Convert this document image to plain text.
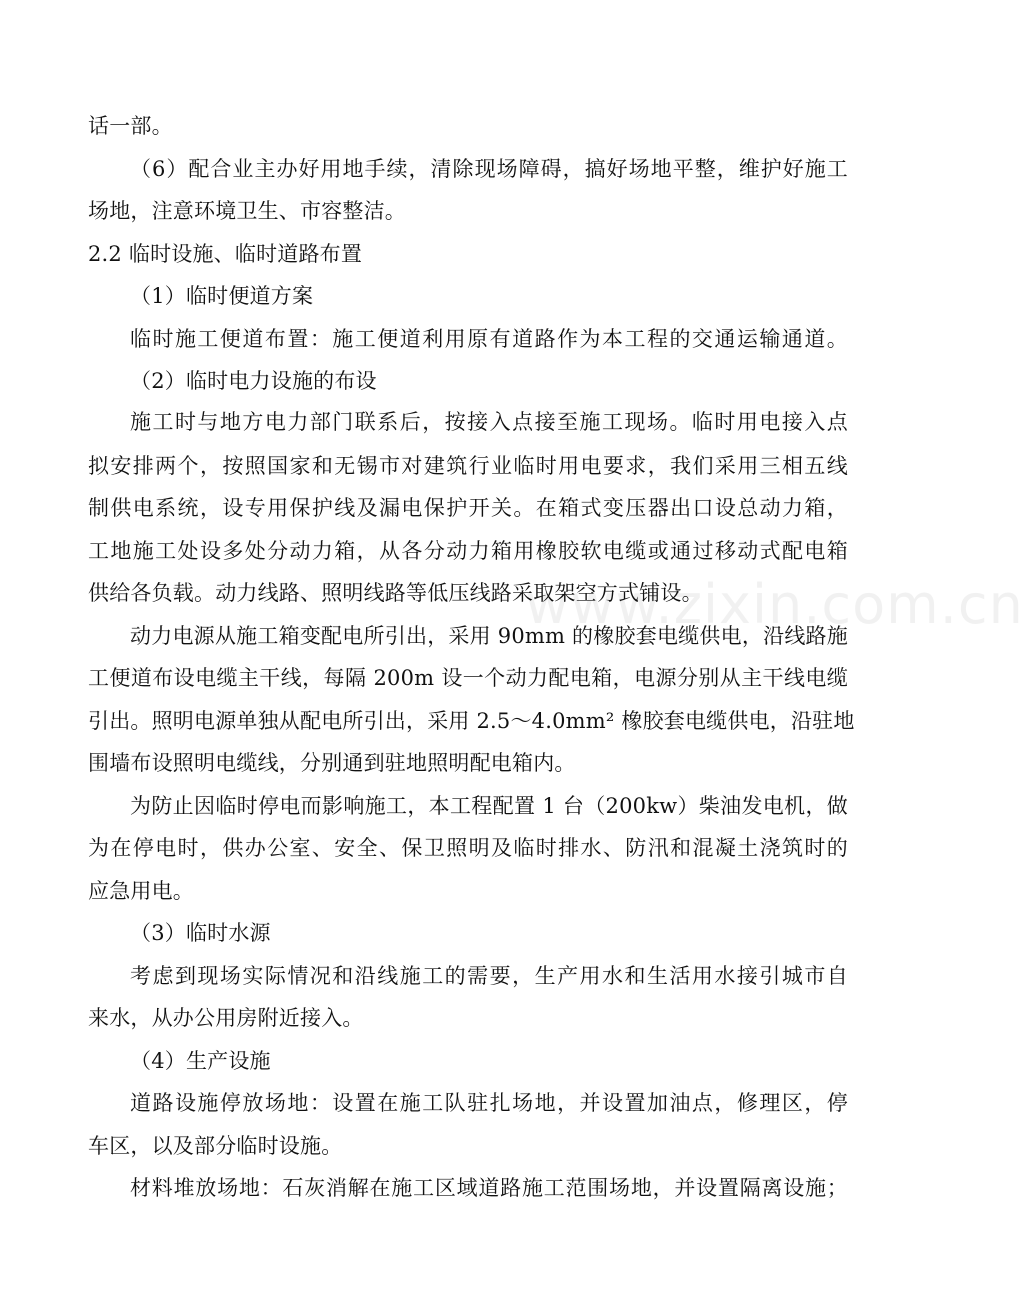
www.zixin.com.cn
话一部。
（6）配合业主办好用地手续，清除现场障碍，搞好场地平整，维护好施工
场地，注意环境卫生、市容整洁。
2.2 临时设施、临时道路布置
（1）临时便道方案
临时施工便道布置：施工便道利用原有道路作为本工程的交通运输通道。
（2）临时电力设施的布设
施工时与地方电力部门联系后，按接入点接至施工现场。临时用电接入点
拟安排两个，按照国家和无锡市对建筑行业临时用电要求，我们采用三相五线
制供电系统，设专用保护线及漏电保护开关。在箱式变压器出口设总动力箱，
工地施工处设多处分动力箱，从各分动力箱用橡胶软电缆或通过移动式配电箱
供给各负载。动力线路、照明线路等低压线路采取架空方式铺设。
动力电源从施工箱变配电所引出，采用 90mm 的橡胶套电缆供电，沿线路施
工便道布设电缆主干线，每隔 200m 设一个动力配电箱，电源分别从主干线电缆
引出。照明电源单独从配电所引出，采用 2.5～4.0mm² 橡胶套电缆供电，沿驻地
围墙布设照明电缆线，分别通到驻地照明配电箱内。
为防止因临时停电而影响施工，本工程配置 1 台（200kw）柴油发电机，做
为在停电时，供办公室、安全、保卫照明及临时排水、防汛和混凝土浇筑时的
应急用电。
（3）临时水源
考虑到现场实际情况和沿线施工的需要，生产用水和生活用水接引城市自
来水，从办公用房附近接入。
（4）生产设施
道路设施停放场地：设置在施工队驻扎场地，并设置加油点，修理区，停
车区，以及部分临时设施。
材料堆放场地：石灰消解在施工区域道路施工范围场地，并设置隔离设施；
